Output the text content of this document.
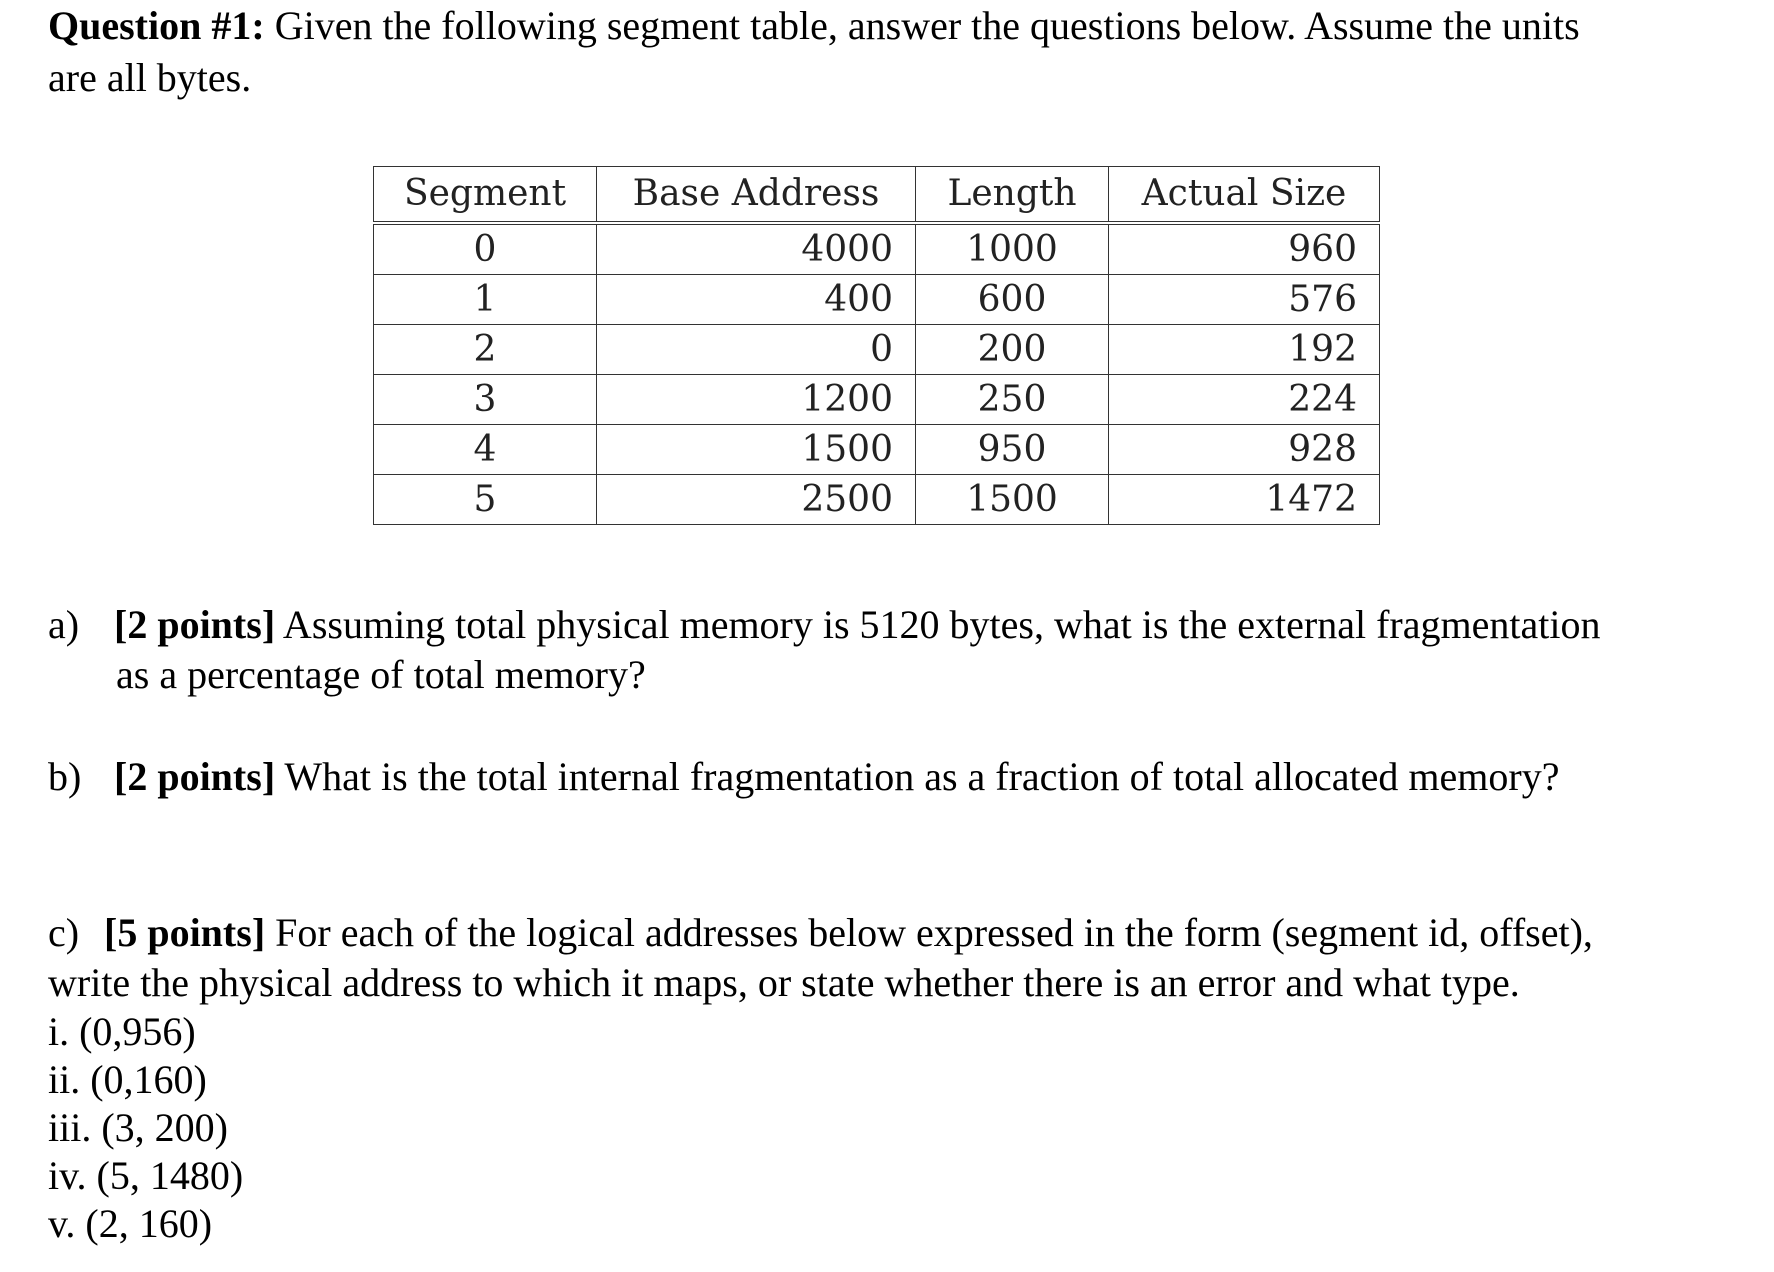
Question #1: Given the following segment table, answer the questions below. Assume the units
are all bytes.
Segment	Base Address	Length	Actual Size
0	4000	1000	960
1	400	600	576
2	0	200	192
3	1200	250	224
4	1500	950	928
5	2500	1500	1472
a) [2 points] Assuming total physical memory is 5120 bytes, what is the external fragmentation
as a percentage of total memory?
b) [2 points] What is the total internal fragmentation as a fraction of total allocated memory?
c) [5 points] For each of the logical addresses below expressed in the form (segment id, offset),
write the physical address to which it maps, or state whether there is an error and what type.
i. (0,956)
ii. (0,160)
iii. (3, 200)
iv. (5, 1480)
v. (2, 160)
